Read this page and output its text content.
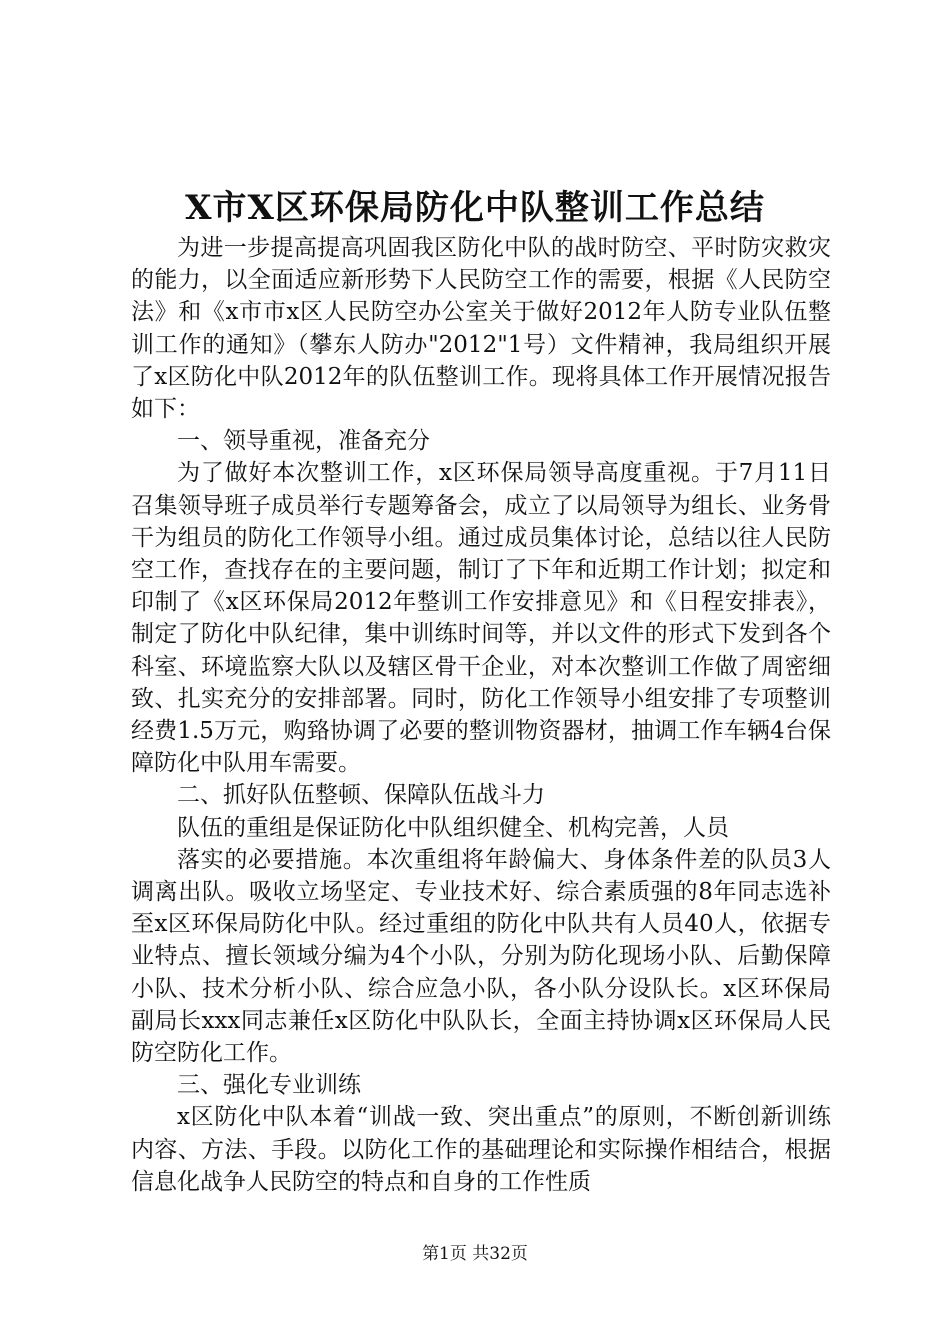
X市X区环保局防化中队整训工作总结

为进一步提高提高巩固我区防化中队的战时防空、平时防灾救灾的能力，以全面适应新形势下人民防空工作的需要，根据《人民防空法》和《x市市x区人民防空办公室关于做好2012年人防专业队伍整训工作的通知》（攀东人防办"2012"1号）文件精神，我局组织开展了x区防化中队2012年的队伍整训工作。现将具体工作开展情况报告如下：

一、领导重视，准备充分

为了做好本次整训工作，x区环保局领导高度重视。于7月11日召集领导班子成员举行专题筹备会，成立了以局领导为组长、业务骨干为组员的防化工作领导小组。通过成员集体讨论，总结以往人民防空工作，查找存在的主要问题，制订了下年和近期工作计划；拟定和印制了《x区环保局2012年整训工作安排意见》和《日程安排表》，制定了防化中队纪律，集中训练时间等，并以文件的形式下发到各个科室、环境监察大队以及辖区骨干企业，对本次整训工作做了周密细致、扎实充分的安排部署。同时，防化工作领导小组安排了专项整训经费1.5万元，购臵协调了必要的整训物资器材，抽调工作车辆4台保障防化中队用车需要。

二、抓好队伍整顿、保障队伍战斗力

队伍的重组是保证防化中队组织健全、机构完善，人员

落实的必要措施。本次重组将年龄偏大、身体条件差的队员3人调离出队。吸收立场坚定、专业技术好、综合素质强的8年同志选补至x区环保局防化中队。经过重组的防化中队共有人员40人，依据专业特点、擅长领域分编为4个小队，分别为防化现场小队、后勤保障小队、技术分析小队、综合应急小队，各小队分设队长。x区环保局副局长xxx同志兼任x区防化中队队长，全面主持协调x区环保局人民防空防化工作。

三、强化专业训练

x区防化中队本着“训战一致、突出重点”的原则，不断创新训练内容、方法、手段。以防化工作的基础理论和实际操作相结合，根据信息化战争人民防空的特点和自身的工作性质

第1页 共32页
